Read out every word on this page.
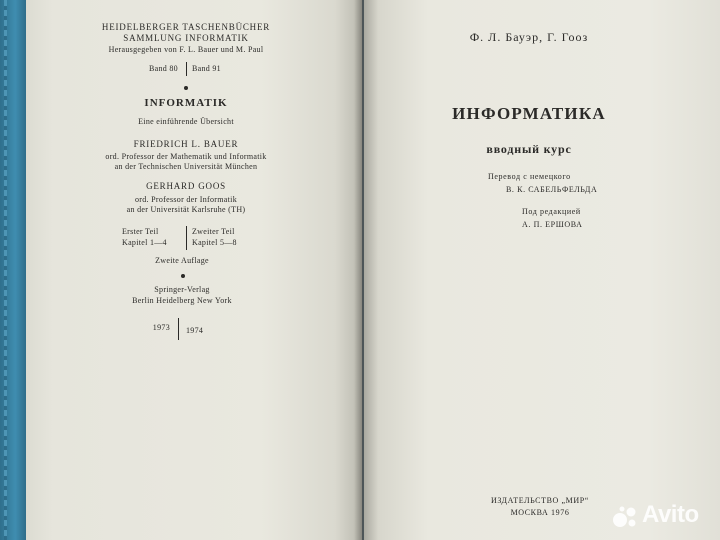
HEIDELBERGER TASCHENBÜCHER
SAMMLUNG INFORMATIK
Herausgegeben von F. L. Bauer und M. Paul
Band 80 Band 91
INFORMATIK
Eine einführende Übersicht
FRIEDRICH L. BAUER
ord. Professor der Mathematik und Informatik
an der Technischen Universität München
GERHARD GOOS
ord. Professor der Informatik
an der Universität Karlsruhe (TH)
Erster Teil
Kapitel 1—4
Zweiter Teil
Kapitel 5—8
Zweite Auflage
Springer-Verlag
Berlin Heidelberg New York
1973 1974
Ф. Л. Бауэр, Г. Гооз
ИНФОРМАТИКА
вводный курс
Перевод с немецкого
В. К. САБЕЛЬФЕЛЬДА
Под редакцией
А. П. ЕРШОВА
ИЗДАТЕЛЬСТВО „МИР“
МОСКВА 1976	Avito
